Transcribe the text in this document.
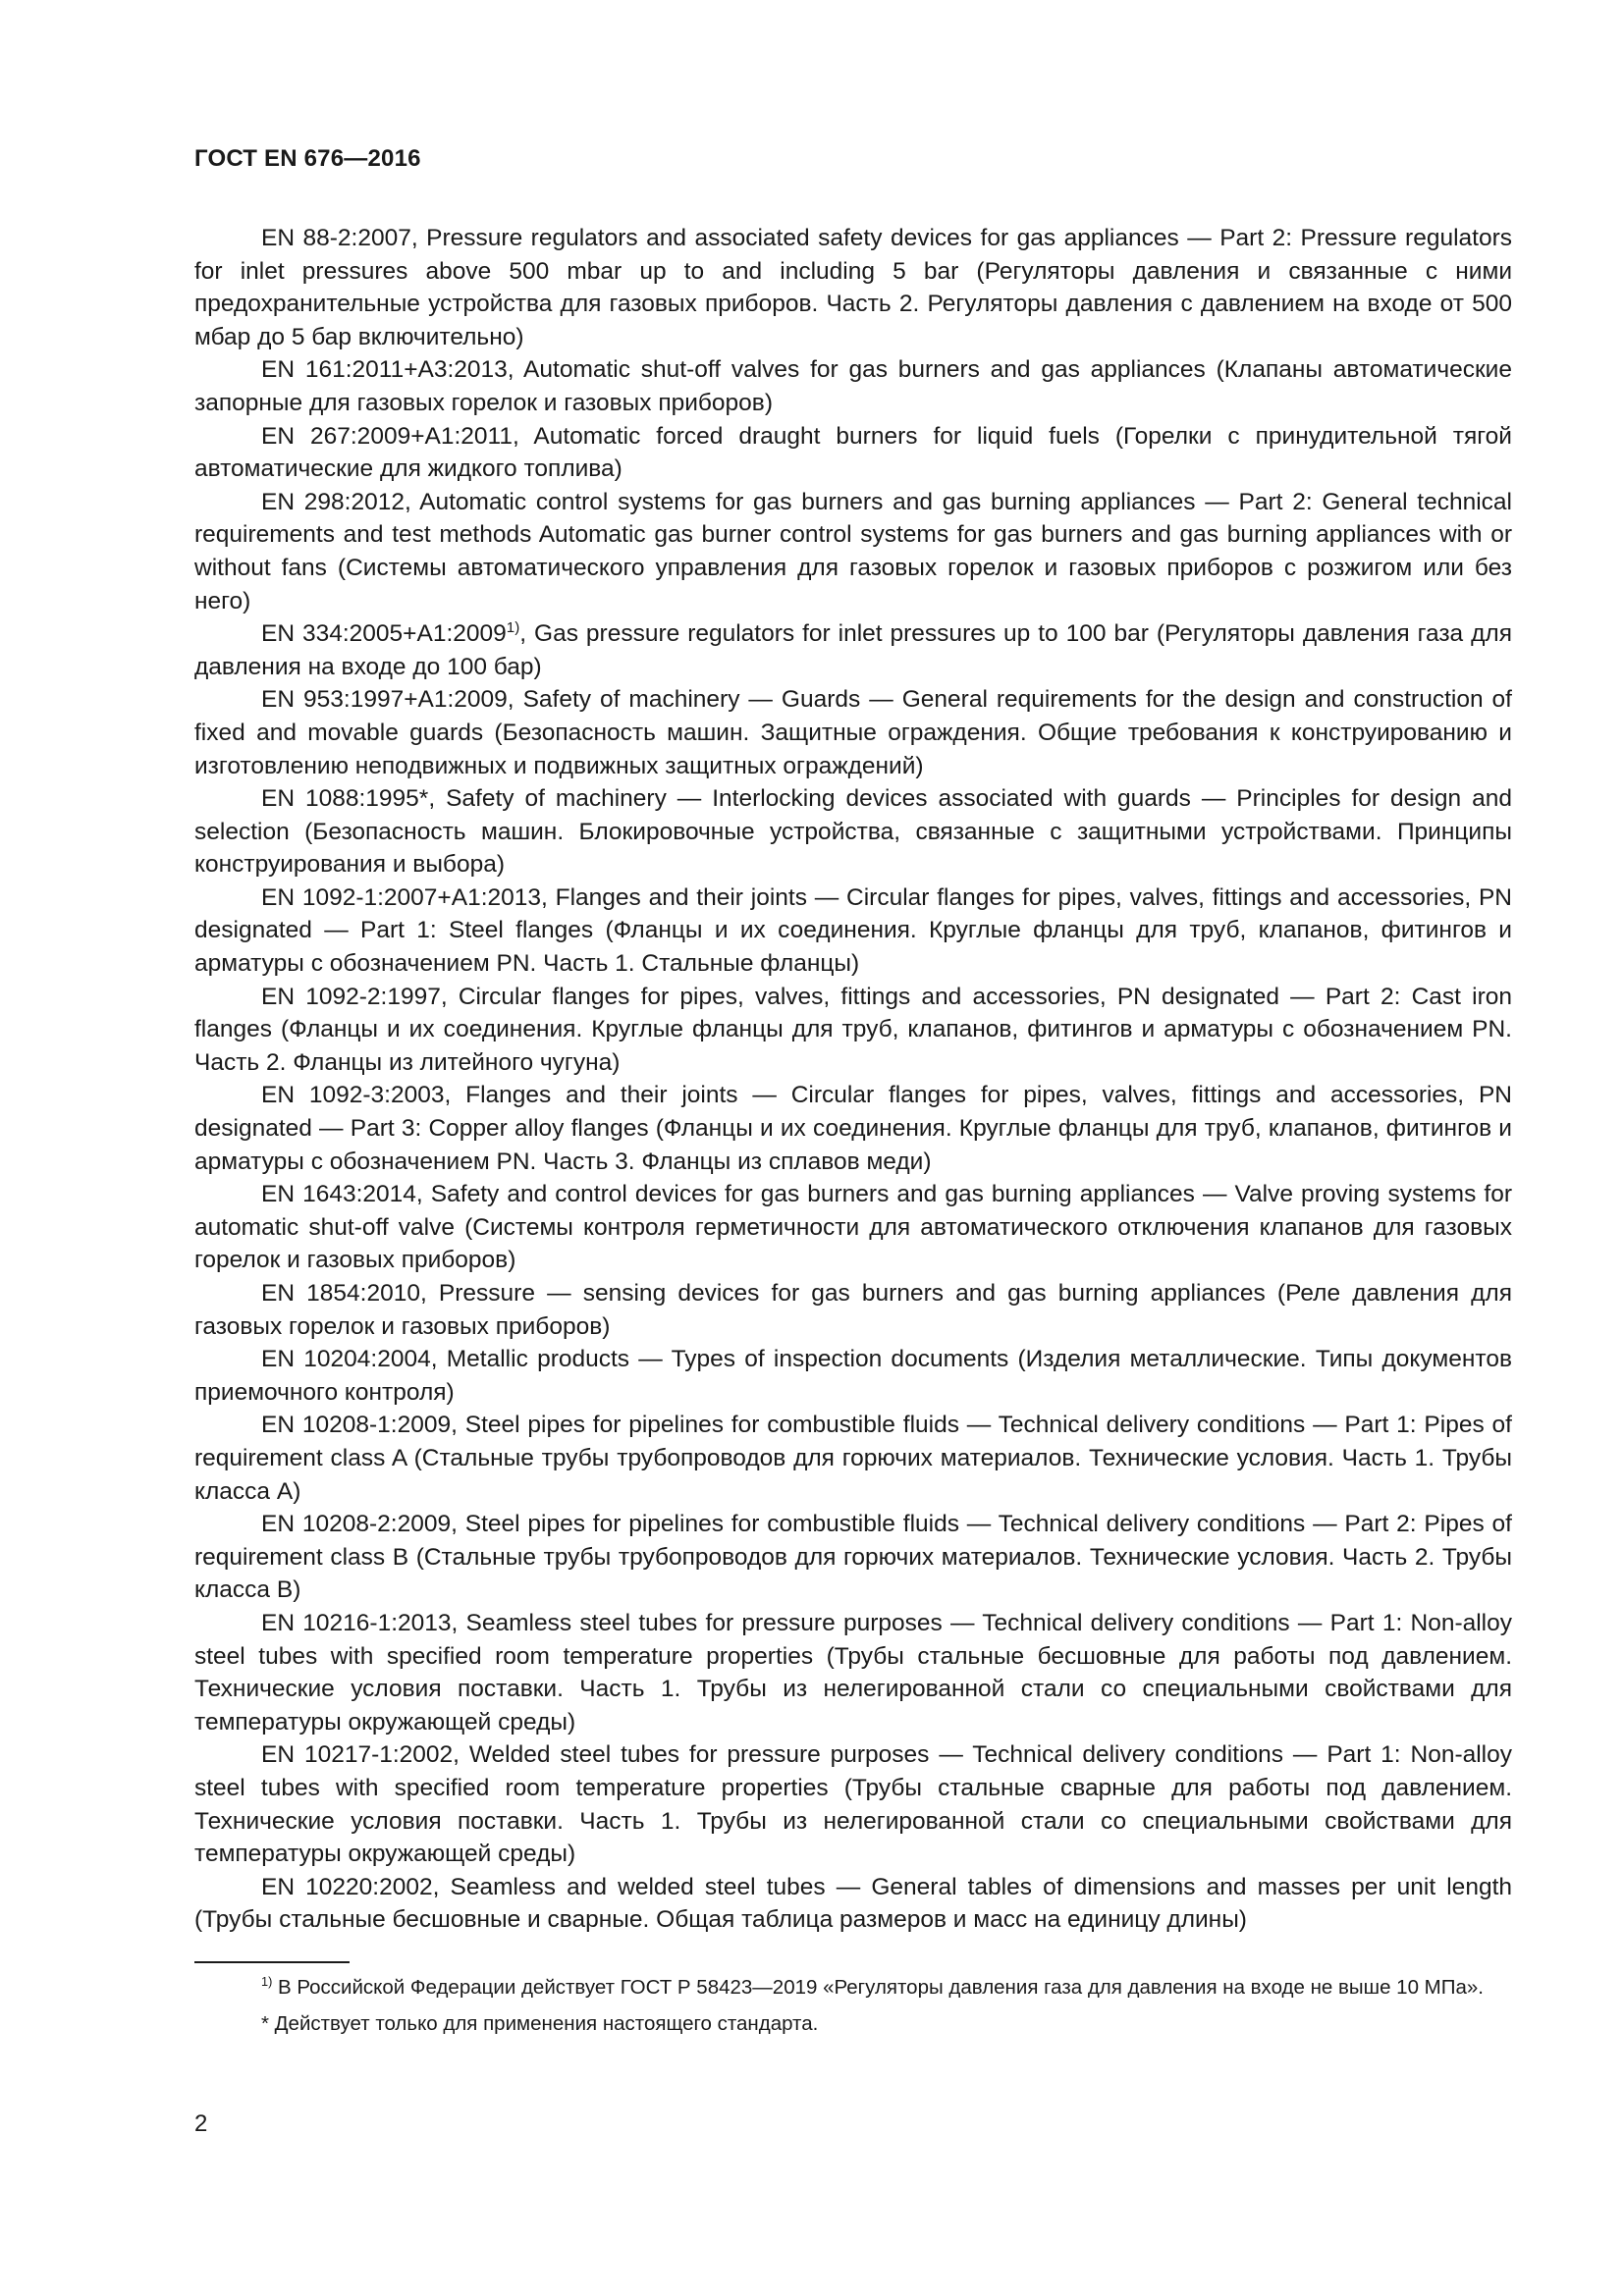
ГОСТ EN 676—2016

EN 88-2:2007, Pressure regulators and associated safety devices for gas appliances — Part 2: Pressure regulators for inlet pressures above 500 mbar up to and including 5 bar (Регуляторы давления и связанные с ними предохранительные устройства для газовых приборов. Часть 2. Регуляторы давления с давлением на входе от 500 мбар до 5 бар включительно)

EN 161:2011+A3:2013, Automatic shut-off valves for gas burners and gas appliances (Клапаны автоматические запорные для газовых горелок и газовых приборов)

EN 267:2009+A1:2011, Automatic forced draught burners for liquid fuels (Горелки с принудительной тягой автоматические для жидкого топлива)

EN 298:2012, Automatic control systems for gas burners and gas burning appliances — Part 2: General technical requirements and test methods Automatic gas burner control systems for gas burners and gas burning appliances with or without fans (Системы автоматического управления для газовых горелок и газовых приборов с розжигом или без него)

EN $334:2005+A1:2009^{1)}$, Gas pressure regulators for inlet pressures up to 100 bar (Регуляторы давления газа для давления на входе до 100 бар)

EN 953:1997+A1:2009, Safety of machinery — Guards — General requirements for the design and construction of fixed and movable guards (Безопасность машин. Защитные ограждения. Общие требования к конструированию и изготовлению неподвижных и подвижных защитных ограждений)

EN 1088:1995*, Safety of machinery — Interlocking devices associated with guards — Principles for design and selection (Безопасность машин. Блокировочные устройства, связанные с защитными устройствами. Принципы конструирования и выбора)

EN 1092-1:2007+A1:2013, Flanges and their joints — Circular flanges for pipes, valves, fittings and accessories, PN designated — Part 1: Steel flanges (Фланцы и их соединения. Круглые фланцы для труб, клапанов, фитингов и арматуры с обозначением PN. Часть 1. Стальные фланцы)

EN 1092-2:1997, Circular flanges for pipes, valves, fittings and accessories, PN designated — Part 2: Cast iron flanges (Фланцы и их соединения. Круглые фланцы для труб, клапанов, фитингов и арматуры с обозначением PN. Часть 2. Фланцы из литейного чугуна)

EN 1092-3:2003, Flanges and their joints — Circular flanges for pipes, valves, fittings and accessories, PN designated — Part 3: Copper alloy flanges (Фланцы и их соединения. Круглые фланцы для труб, клапанов, фитингов и арматуры с обозначением PN. Часть 3. Фланцы из сплавов меди)

EN 1643:2014, Safety and control devices for gas burners and gas burning appliances — Valve proving systems for automatic shut-off valve (Системы контроля герметичности для автоматического отключения клапанов для газовых горелок и газовых приборов)

EN 1854:2010, Pressure — sensing devices for gas burners and gas burning appliances (Реле давления для газовых горелок и газовых приборов)

EN 10204:2004, Metallic products — Types of inspection documents (Изделия металлические. Типы документов приемочного контроля)

EN 10208-1:2009, Steel pipes for pipelines for combustible fluids — Technical delivery conditions — Part 1: Pipes of requirement class A (Стальные трубы трубопроводов для горючих материалов. Технические условия. Часть 1. Трубы класса А)

EN 10208-2:2009, Steel pipes for pipelines for combustible fluids — Technical delivery conditions — Part 2: Pipes of requirement class B (Стальные трубы трубопроводов для горючих материалов. Технические условия. Часть 2. Трубы класса В)

EN 10216-1:2013, Seamless steel tubes for pressure purposes — Technical delivery conditions — Part 1: Non-alloy steel tubes with specified room temperature properties (Трубы стальные бесшовные для работы под давлением. Технические условия поставки. Часть 1. Трубы из нелегированной стали со специальными свойствами для температуры окружающей среды)

EN 10217-1:2002, Welded steel tubes for pressure purposes — Technical delivery conditions — Part 1: Non-alloy steel tubes with specified room temperature properties (Трубы стальные сварные для работы под давлением. Технические условия поставки. Часть 1. Трубы из нелегированной стали со специальными свойствами для температуры окружающей среды)

EN 10220:2002, Seamless and welded steel tubes — General tables of dimensions and masses per unit length (Трубы стальные бесшовные и сварные. Общая таблица размеров и масс на единицу длины)

$^{1)}$ В Российской Федерации действует ГОСТ Р 58423—2019 «Регуляторы давления газа для давления на входе не выше 10 МПа».

* Действует только для применения настоящего стандарта.

2
